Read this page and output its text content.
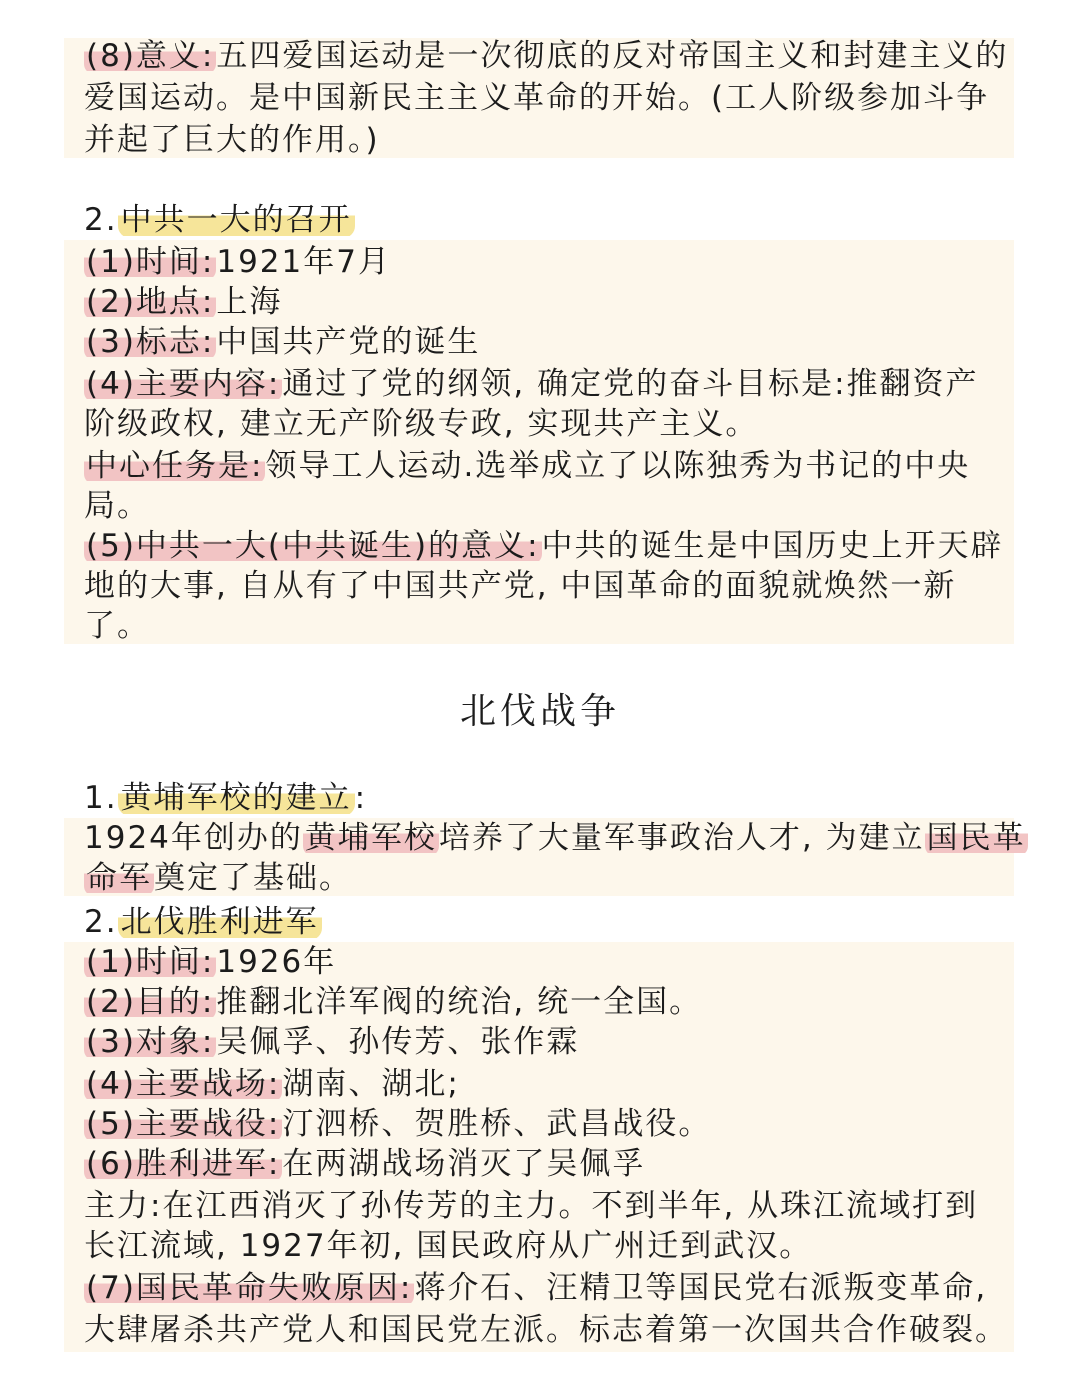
(8)意义:五四爱国运动是一次彻底的反对帝国主义和封建主义的
爱国运动。是中国新民主主义革命的开始。(工人阶级参加斗争
并起了巨大的作用。)
2.中共一大的召开
(1)时间:1921年7月
(2)地点:上海
(3)标志:中国共产党的诞生
(4)主要内容:通过了党的纲领, 确定党的奋斗目标是:推翻资产
阶级政权, 建立无产阶级专政, 实现共产主义。
中心任务是:领导工人运动.选举成立了以陈独秀为书记的中央
局。
(5)中共一大(中共诞生)的意义:中共的诞生是中国历史上开天辟
地的大事, 自从有了中国共产党, 中国革命的面貌就焕然一新
了。
北伐战争
1.黄埔军校的建立:
1924年创办的黄埔军校培养了大量军事政治人才, 为建立国民革
命军奠定了基础。
2.北伐胜利进军
(1)时间:1926年
(2)目的:推翻北洋军阀的统治, 统一全国。
(3)对象:吴佩孚、孙传芳、张作霖
(4)主要战场:湖南、湖北;
(5)主要战役:汀泗桥、贺胜桥、武昌战役。
(6)胜利进军:在两湖战场消灭了吴佩孚
主力:在江西消灭了孙传芳的主力。不到半年, 从珠江流域打到
长江流域, 1927年初, 国民政府从广州迁到武汉。
(7)国民革命失败原因:蒋介石、汪精卫等国民党右派叛变革命,
大肆屠杀共产党人和国民党左派。标志着第一次国共合作破裂。
